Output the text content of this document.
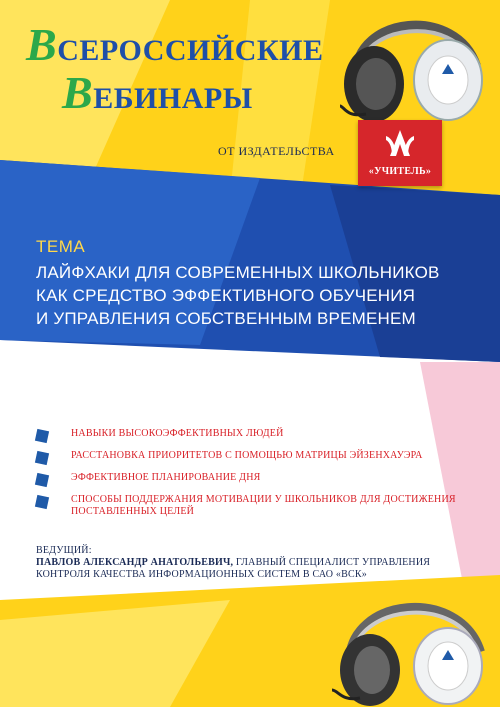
ВСЕРОССИЙСКИЕ
ВЕБИНАРЫ
ОТ ИЗДАТЕЛЬСТВА
«УЧИТЕЛЬ»
ТЕМА
ЛАЙФХАКИ ДЛЯ СОВРЕМЕННЫХ ШКОЛЬНИКОВ
КАК СРЕДСТВО ЭФФЕКТИВНОГО ОБУЧЕНИЯ
И УПРАВЛЕНИЯ СОБСТВЕННЫМ ВРЕМЕНЕМ
НАВЫКИ ВЫСОКОЭФФЕКТИВНЫХ ЛЮДЕЙ
РАССТАНОВКА ПРИОРИТЕТОВ С ПОМОЩЬЮ МАТРИЦЫ ЭЙЗЕНХАУЭРА
ЭФФЕКТИВНОЕ ПЛАНИРОВАНИЕ ДНЯ
СПОСОБЫ ПОДДЕРЖАНИЯ МОТИВАЦИИ У ШКОЛЬНИКОВ ДЛЯ ДОСТИЖЕНИЯ ПОСТАВЛЕННЫХ ЦЕЛЕЙ
ВЕДУЩИЙ:
ПАВЛОВ АЛЕКСАНДР АНАТОЛЬЕВИЧ, ГЛАВНЫЙ СПЕЦИАЛИСТ УПРАВЛЕНИЯ КОНТРОЛЯ КАЧЕСТВА ИНФОРМАЦИОННЫХ СИСТЕМ В САО «ВСК»
